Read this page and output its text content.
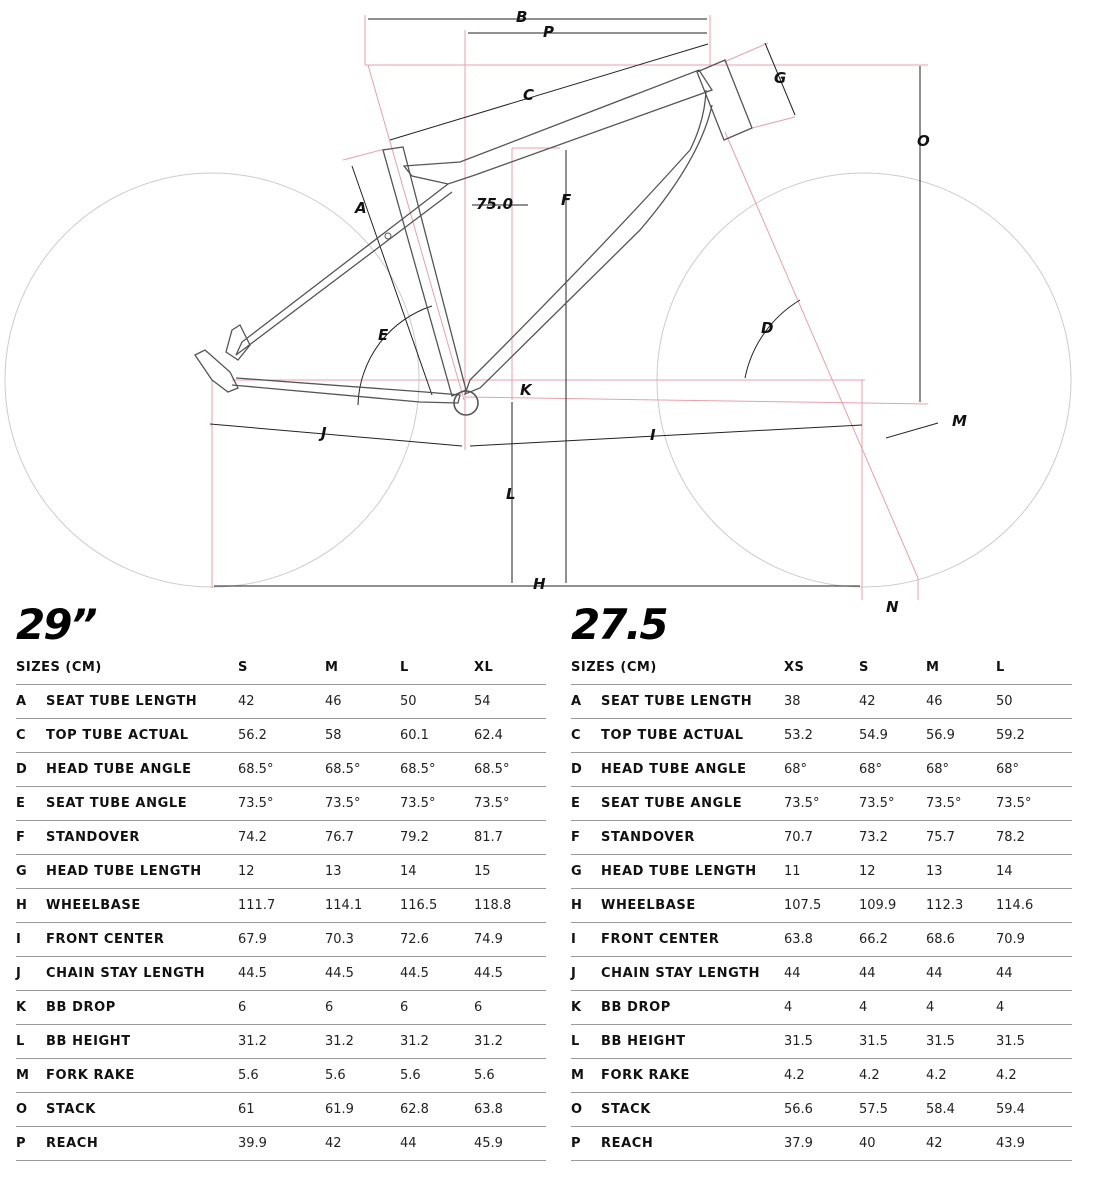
B
P
C
G
O
A	F
75.0
D
E
K
M
J	I
L
H
N
29”
SIZES (CM)		S	M	L	XL
A	SEAT TUBE LENGTH	42	46	50	54
C	TOP TUBE ACTUAL	56.2	58	60.1	62.4
D	HEAD TUBE ANGLE	68.5°	68.5°	68.5°	68.5°
E	SEAT TUBE ANGLE	73.5°	73.5°	73.5°	73.5°
F	STANDOVER	74.2	76.7	79.2	81.7
G	HEAD TUBE LENGTH	12	13	14	15
H	WHEELBASE	111.7	114.1	116.5	118.8
I	FRONT CENTER	67.9	70.3	72.6	74.9
J	CHAIN STAY LENGTH	44.5	44.5	44.5	44.5
K	BB DROP	6	6	6	6
L	BB HEIGHT	31.2	31.2	31.2	31.2
M	FORK RAKE	5.6	5.6	5.6	5.6
O	STACK	61	61.9	62.8	63.8
P	REACH	39.9	42	44	45.9
27.5
SIZES (CM)		XS	S	M	L
A	SEAT TUBE LENGTH	38	42	46	50
C	TOP TUBE ACTUAL	53.2	54.9	56.9	59.2
D	HEAD TUBE ANGLE	68°	68°	68°	68°
E	SEAT TUBE ANGLE	73.5°	73.5°	73.5°	73.5°
F	STANDOVER	70.7	73.2	75.7	78.2
G	HEAD TUBE LENGTH	11	12	13	14
H	WHEELBASE	107.5	109.9	112.3	114.6
I	FRONT CENTER	63.8	66.2	68.6	70.9
J	CHAIN STAY LENGTH	44	44	44	44
K	BB DROP	4	4	4	4
L	BB HEIGHT	31.5	31.5	31.5	31.5
M	FORK RAKE	4.2	4.2	4.2	4.2
O	STACK	56.6	57.5	58.4	59.4
P	REACH	37.9	40	42	43.9
